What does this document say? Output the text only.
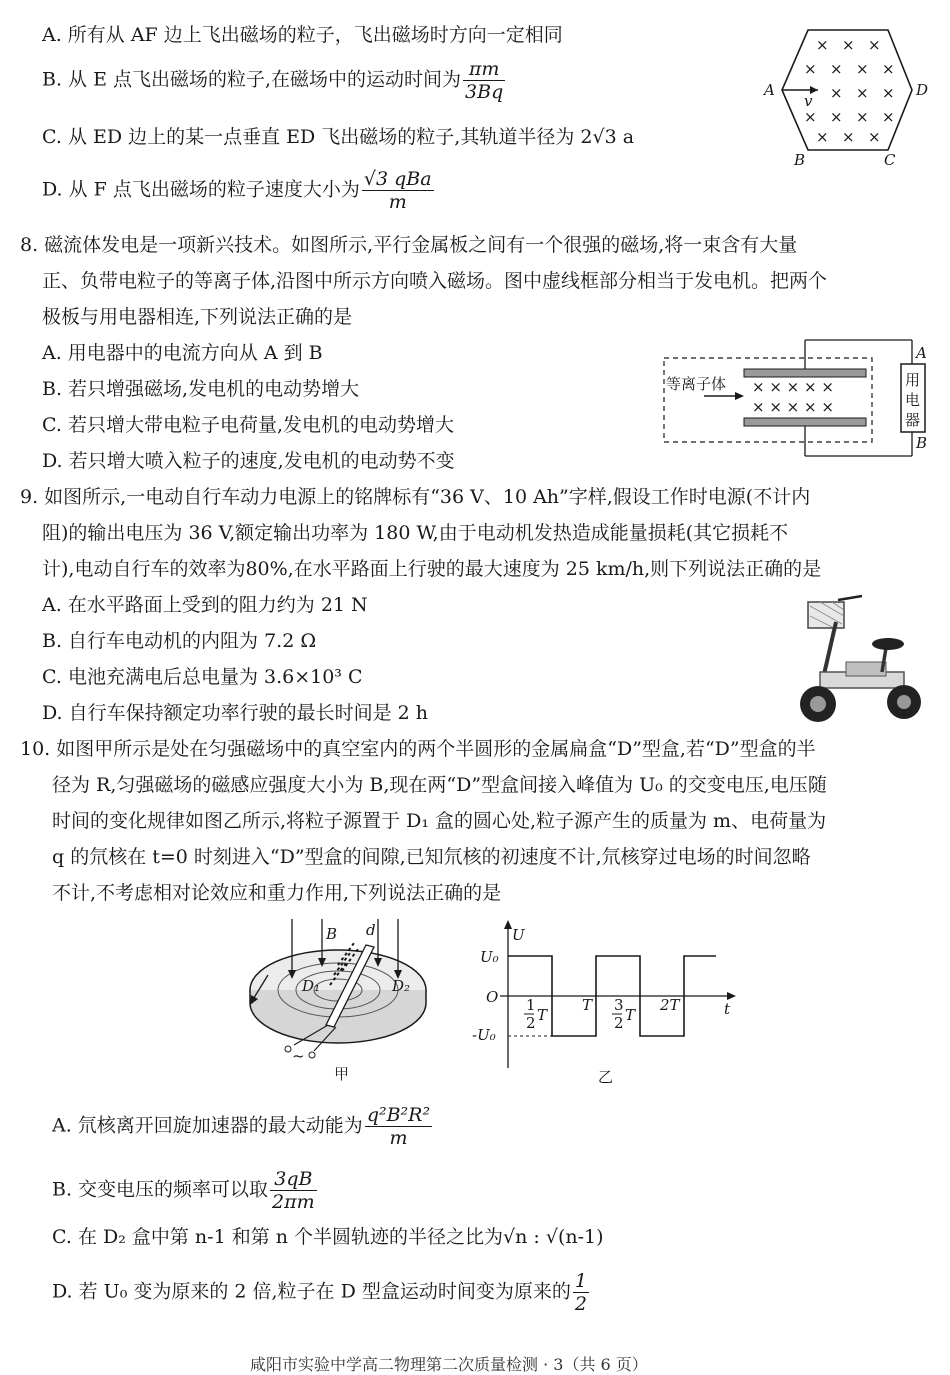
A. 所有从 AF 边上飞出磁场的粒子，飞出磁场时方向一定相同
B. 从 E 点飞出磁场的粒子,在磁场中的运动时间为 $\frac{\pi m}{3Bq}$
C. 从 ED 边上的某一点垂直 ED 飞出磁场的粒子,其轨道半径为 2√3 a
D. 从 F 点飞出磁场的粒子速度大小为 $\frac{\text{√3 qBa}}{m}$
× × ×
× × × ×
× × ×
× × × ×
× × ×
v
A	D
B	C
8. 磁流体发电是一项新兴技术。如图所示,平行金属板之间有一个很强的磁场,将一束含有大量
正、负带电粒子的等离子体,沿图中所示方向喷入磁场。图中虚线框部分相当于发电机。把两个
极板与用电器相连,下列说法正确的是
A. 用电器中的电流方向从 A 到 B
B. 若只增强磁场,发电机的电动势增大
C. 若只增大带电粒子电荷量,发电机的电动势增大
D. 若只增大喷入粒子的速度,发电机的电动势不变
× × × × ×
× × × × ×
等离子体	用
电
器
A
B
9. 如图所示,一电动自行车动力电源上的铭牌标有“36 V、10 Ah”字样,假设工作时电源(不计内
阻)的输出电压为 36 V,额定输出功率为 180 W,由于电动机发热造成能量损耗(其它损耗不
计),电动自行车的效率为80%,在水平路面上行驶的最大速度为 25 km/h,则下列说法正确的是
A. 在水平路面上受到的阻力约为 21 N
B. 自行车电动机的内阻为 7.2 Ω
C. 电池充满电后总电量为 3.6×10³ C
D. 自行车保持额定功率行驶的最长时间是 2 h
10. 如图甲所示是处在匀强磁场中的真空室内的两个半圆形的金属扁盒“D”型盒,若“D”型盒的半
径为 R,匀强磁场的磁感应强度大小为 B,现在两“D”型盒间接入峰值为 U₀ 的交变电压,电压随
时间的变化规律如图乙所示,将粒子源置于 D₁ 盒的圆心处,粒子源产生的质量为 m、电荷量为
q 的氘核在 t=0 时刻进入“D”型盒的间隙,已知氘核的初速度不计,氘核穿过电场的时间忽略
不计,不考虑相对论效应和重力作用,下列说法正确的是
B d
D₁	D₂
~
甲
U
U₀
O
-U₀
1
2 T
T 3
2 T
2T	t
乙
A. 氘核离开回旋加速器的最大动能为 $\frac{\text{q²B²R²}}{m}$
B. 交变电压的频率可以取 $\frac{3qB}{2\pi m}$
C. 在 D₂ 盒中第 n-1 和第 n 个半圆轨迹的半径之比为√n : √(n-1)
D. 若 U₀ 变为原来的 2 倍,粒子在 D 型盒运动时间变为原来的 $\frac{1}{2}$
咸阳市实验中学高二物理第二次质量检测 · 3（共 6 页）
